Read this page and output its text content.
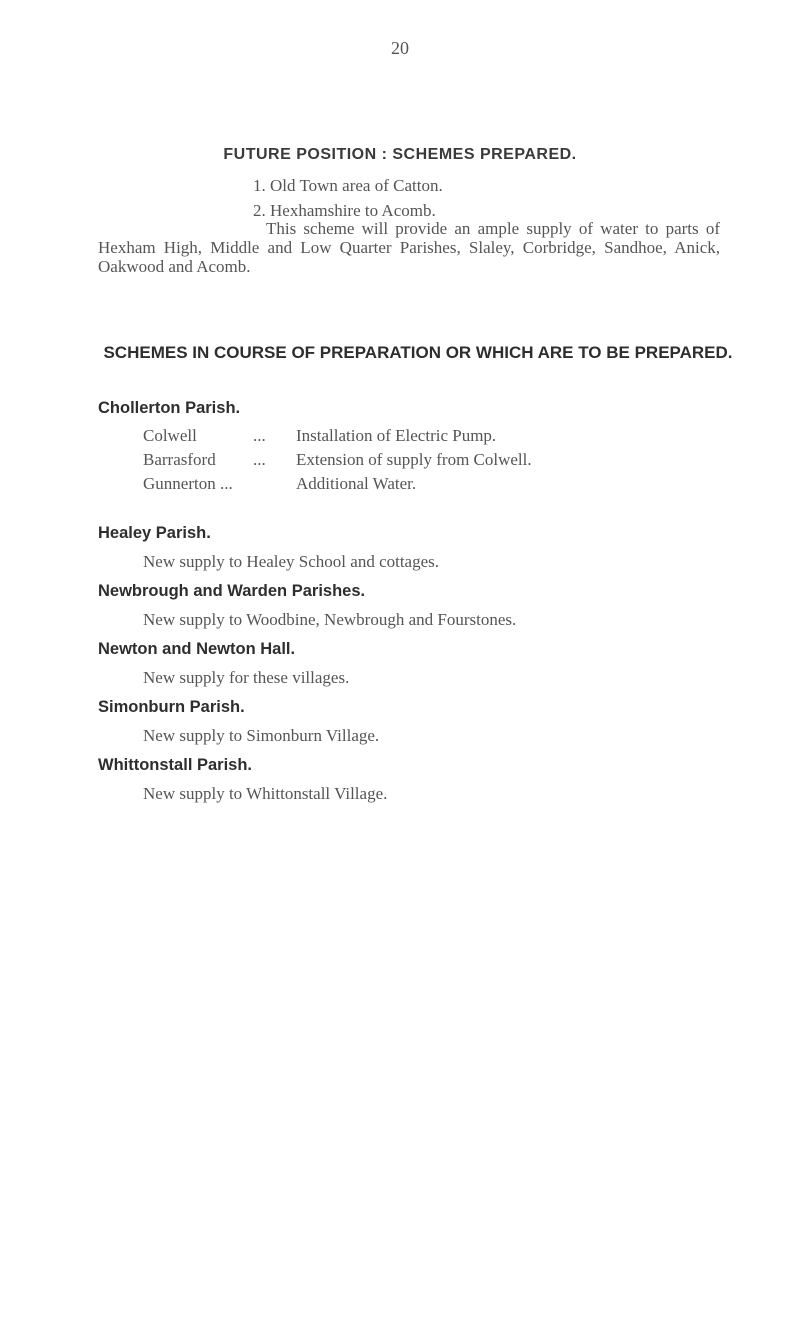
20
FUTURE POSITION : SCHEMES PREPARED.
1. Old Town area of Catton.
2. Hexhamshire to Acomb.

This scheme will provide an ample supply of water to parts of Hexham High, Middle and Low Quarter Parishes, Slaley, Corbridge, Sandhoe, Anick, Oakwood and Acomb.

SCHEMES IN COURSE OF PREPARATION OR WHICH ARE TO BE PREPARED.
Chollerton Parish.
Colwell	...	Installation of Electric Pump.
Barrasford	...	Extension of supply from Colwell.
Gunnerton ...		Additional Water.
Healey Parish.

New supply to Healey School and cottages.

Newbrough and Warden Parishes.

New supply to Woodbine, Newbrough and Fourstones.

Newton and Newton Hall.

New supply for these villages.

Simonburn Parish.

New supply to Simonburn Village.

Whittonstall Parish.

New supply to Whittonstall Village.
